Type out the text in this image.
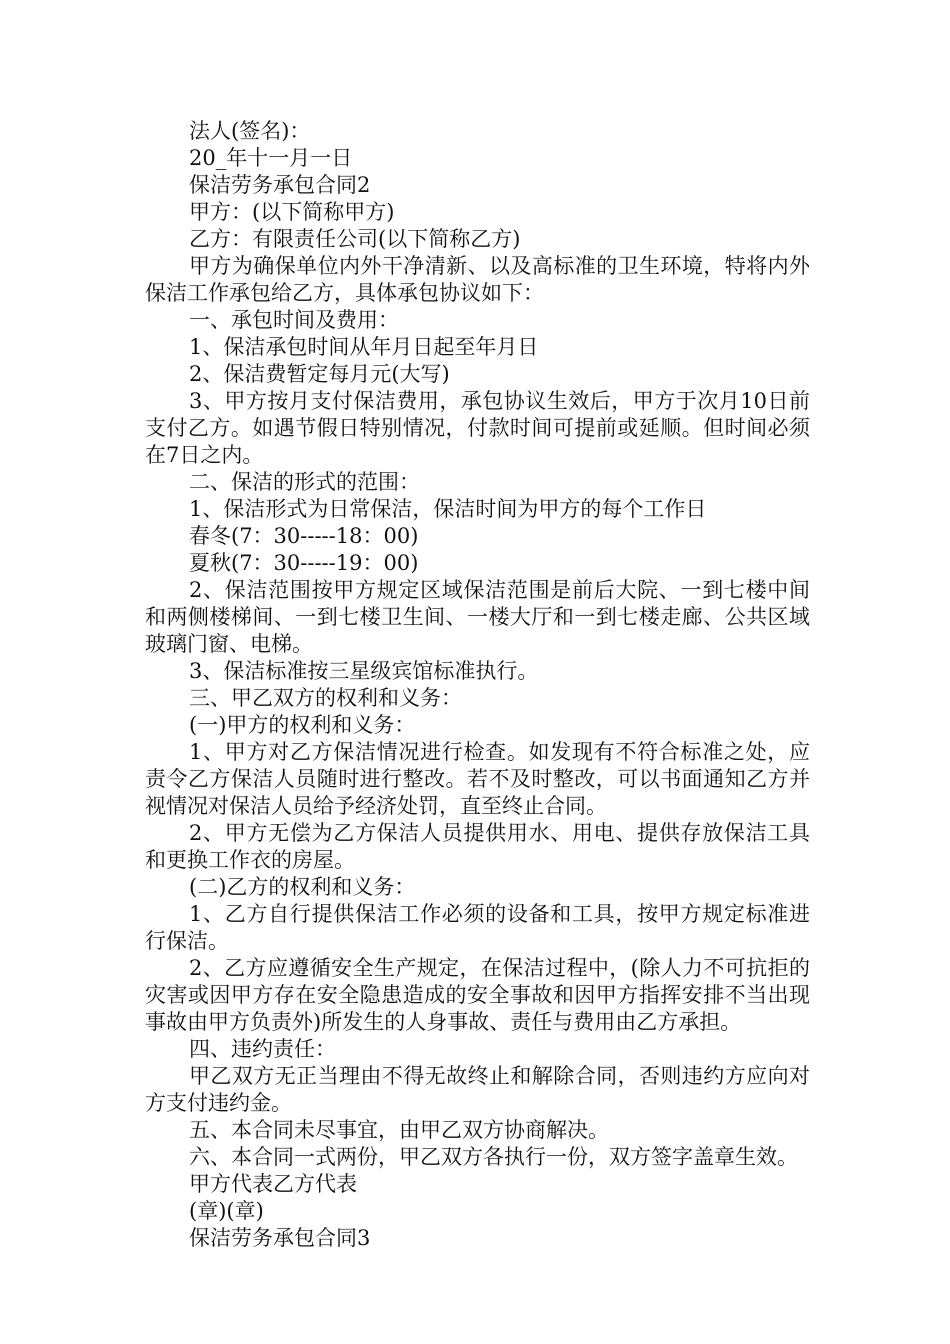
法人(签名)：
20_年十一月一日
保洁劳务承包合同2
甲方：(以下简称甲方)
乙方：有限责任公司(以下简称乙方)
甲方为确保单位内外干净清新、以及高标准的卫生环境，特将内外保洁工作承包给乙方，具体承包协议如下：
一、承包时间及费用：
1、保洁承包时间从年月日起至年月日
2、保洁费暂定每月元(大写)
3、甲方按月支付保洁费用，承包协议生效后，甲方于次月10日前支付乙方。如遇节假日特别情况，付款时间可提前或延顺。但时间必须在7日之内。
二、保洁的形式的范围：
1、保洁形式为日常保洁，保洁时间为甲方的每个工作日
春冬(7：30-----18：00)
夏秋(7：30-----19：00)
2、保洁范围按甲方规定区域保洁范围是前后大院、一到七楼中间和两侧楼梯间、一到七楼卫生间、一楼大厅和一到七楼走廊、公共区域玻璃门窗、电梯。
3、保洁标准按三星级宾馆标准执行。
三、甲乙双方的权利和义务：
(一)甲方的权利和义务：
1、甲方对乙方保洁情况进行检查。如发现有不符合标准之处，应责令乙方保洁人员随时进行整改。若不及时整改，可以书面通知乙方并视情况对保洁人员给予经济处罚，直至终止合同。
2、甲方无偿为乙方保洁人员提供用水、用电、提供存放保洁工具和更换工作衣的房屋。
(二)乙方的权利和义务：
1、乙方自行提供保洁工作必须的设备和工具，按甲方规定标准进行保洁。
2、乙方应遵循安全生产规定，在保洁过程中，(除人力不可抗拒的灾害或因甲方存在安全隐患造成的安全事故和因甲方指挥安排不当出现事故由甲方负责外)所发生的人身事故、责任与费用由乙方承担。
四、违约责任：
甲乙双方无正当理由不得无故终止和解除合同，否则违约方应向对方支付违约金。
五、本合同未尽事宜，由甲乙双方协商解决。
六、本合同一式两份，甲乙双方各执行一份，双方签字盖章生效。
甲方代表乙方代表
(章)(章)
保洁劳务承包合同3
